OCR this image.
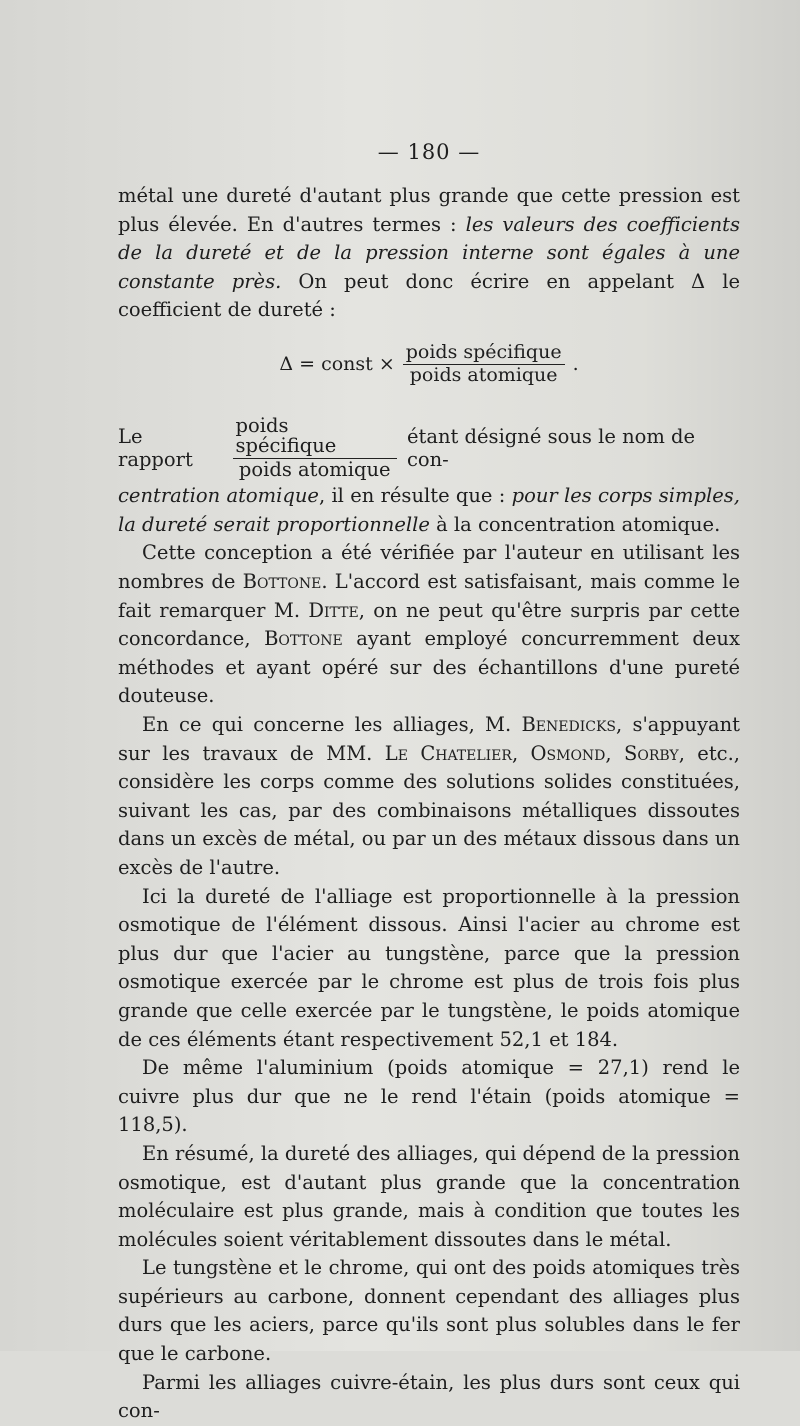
— 180 —

métal une dureté d'autant plus grande que cette pression est plus élevée. En d'autres termes : les valeurs des coefficients de la dureté et de la pression interne sont égales à une constante près. On peut donc écrire en appelant Δ le coefficient de dureté :

Δ = const × $\frac{\text{poids spécifique}}{\text{poids atomique}}$ .
Le rapport	$\frac{\text{poids spécifique}}{\text{poids atomique}}$ étant désigné sous le nom de con-

centration atomique, il en résulte que : pour les corps simples, la dureté serait proportionnelle à la concentration atomique.

Cette conception a été vérifiée par l'auteur en utilisant les nombres de Bottone. L'accord est satisfaisant, mais comme le fait remarquer M. Ditte, on ne peut qu'être surpris par cette concordance, Bottone ayant employé concurremment deux méthodes et ayant opéré sur des échantillons d'une pureté douteuse.

En ce qui concerne les alliages, M. Benedicks, s'appuyant sur les travaux de MM. Le Chatelier, Osmond, Sorby, etc., considère les corps comme des solutions solides constituées, suivant les cas, par des combinaisons métalliques dissoutes dans un excès de métal, ou par un des métaux dissous dans un excès de l'autre.

Ici la dureté de l'alliage est proportionnelle à la pression osmotique de l'élément dissous. Ainsi l'acier au chrome est plus dur que l'acier au tungstène, parce que la pression osmotique exercée par le chrome est plus de trois fois plus grande que celle exercée par le tungstène, le poids atomique de ces éléments étant respectivement 52,1 et 184.

De même l'aluminium (poids atomique = 27,1) rend le cuivre plus dur que ne le rend l'étain (poids atomique = 118,5).

En résumé, la dureté des alliages, qui dépend de la pression osmotique, est d'autant plus grande que la concentration moléculaire est plus grande, mais à condition que toutes les molécules soient véritablement dissoutes dans le métal.

Le tungstène et le chrome, qui ont des poids atomiques très supérieurs au carbone, donnent cependant des alliages plus durs que les aciers, parce qu'ils sont plus solubles dans le fer que le carbone.

Parmi les alliages cuivre-étain, les plus durs sont ceux qui con-
